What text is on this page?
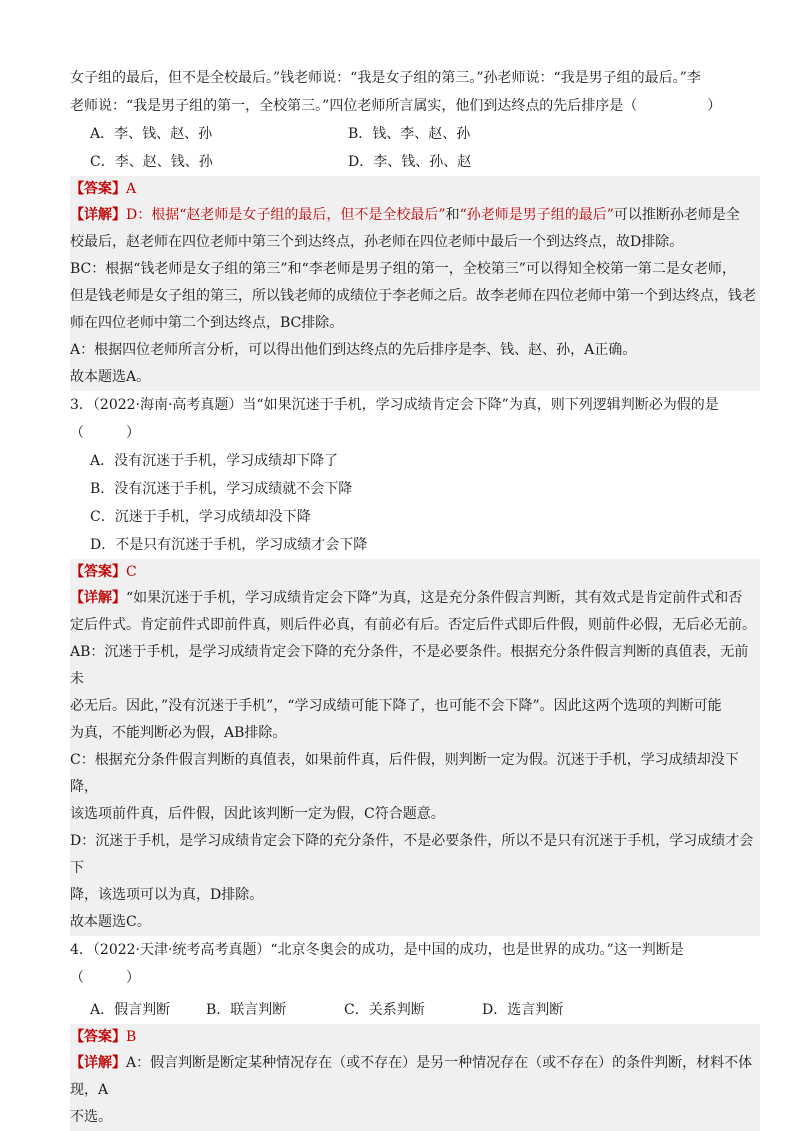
女子组的最后，但不是全校最后。”钱老师说：“我是女子组的第三。”孙老师说：“我是男子组的最后。”李
老师说：“我是男子组的第一，全校第三。”四位老师所言属实，他们到达终点的先后排序是（　　　　　）
A．李、钱、赵、孙	B．钱、李、赵、孙
C．李、赵、钱、孙	D．李、钱、孙、赵
【答案】A
【详解】D：根据“赵老师是女子组的最后，但不是全校最后”和“孙老师是男子组的最后”可以推断孙老师是全
校最后，赵老师在四位老师中第三个到达终点，孙老师在四位老师中最后一个到达终点，故D排除。
BC：根据“钱老师是女子组的第三”和“李老师是男子组的第一，全校第三”可以得知全校第一第二是女老师，
但是钱老师是女子组的第三，所以钱老师的成绩位于李老师之后。故李老师在四位老师中第一个到达终点，钱老
师在四位老师中第二个到达终点，BC排除。
A：根据四位老师所言分析，可以得出他们到达终点的先后排序是李、钱、赵、孙，A正确。
故本题选A。
3．（2022·海南·高考真题）当“如果沉迷于手机，学习成绩肯定会下降”为真，则下列逻辑判断必为假的是
（　　　）
A．没有沉迷于手机，学习成绩却下降了
B．没有沉迷于手机，学习成绩就不会下降
C．沉迷于手机，学习成绩却没下降
D．不是只有沉迷于手机，学习成绩才会下降
【答案】C
【详解】“如果沉迷于手机，学习成绩肯定会下降”为真，这是充分条件假言判断，其有效式是肯定前件式和否
定后件式。肯定前件式即前件真，则后件必真，有前必有后。否定后件式即后件假，则前件必假，无后必无前。
AB：沉迷于手机，是学习成绩肯定会下降的充分条件，不是必要条件。根据充分条件假言判断的真值表，无前未
必无后。因此，”没有沉迷于手机”，“学习成绩可能下降了，也可能不会下降”。因此这两个选项的判断可能
为真，不能判断必为假，AB排除。
C：根据充分条件假言判断的真值表，如果前件真，后件假，则判断一定为假。沉迷于手机，学习成绩却没下降，
该选项前件真，后件假，因此该判断一定为假，C符合题意。
D：沉迷于手机，是学习成绩肯定会下降的充分条件，不是必要条件，所以不是只有沉迷于手机，学习成绩才会下
降，该选项可以为真，D排除。
故本题选C。
4．（2022·天津·统考高考真题）“北京冬奥会的成功，是中国的成功，也是世界的成功。”这一判断是
（　　　）
A．假言判断	B．联言判断	C．关系判断	D．选言判断
【答案】B
【详解】A：假言判断是断定某种情况存在（或不存在）是另一种情况存在（或不存在）的条件判断，材料不体现，A
不选。
